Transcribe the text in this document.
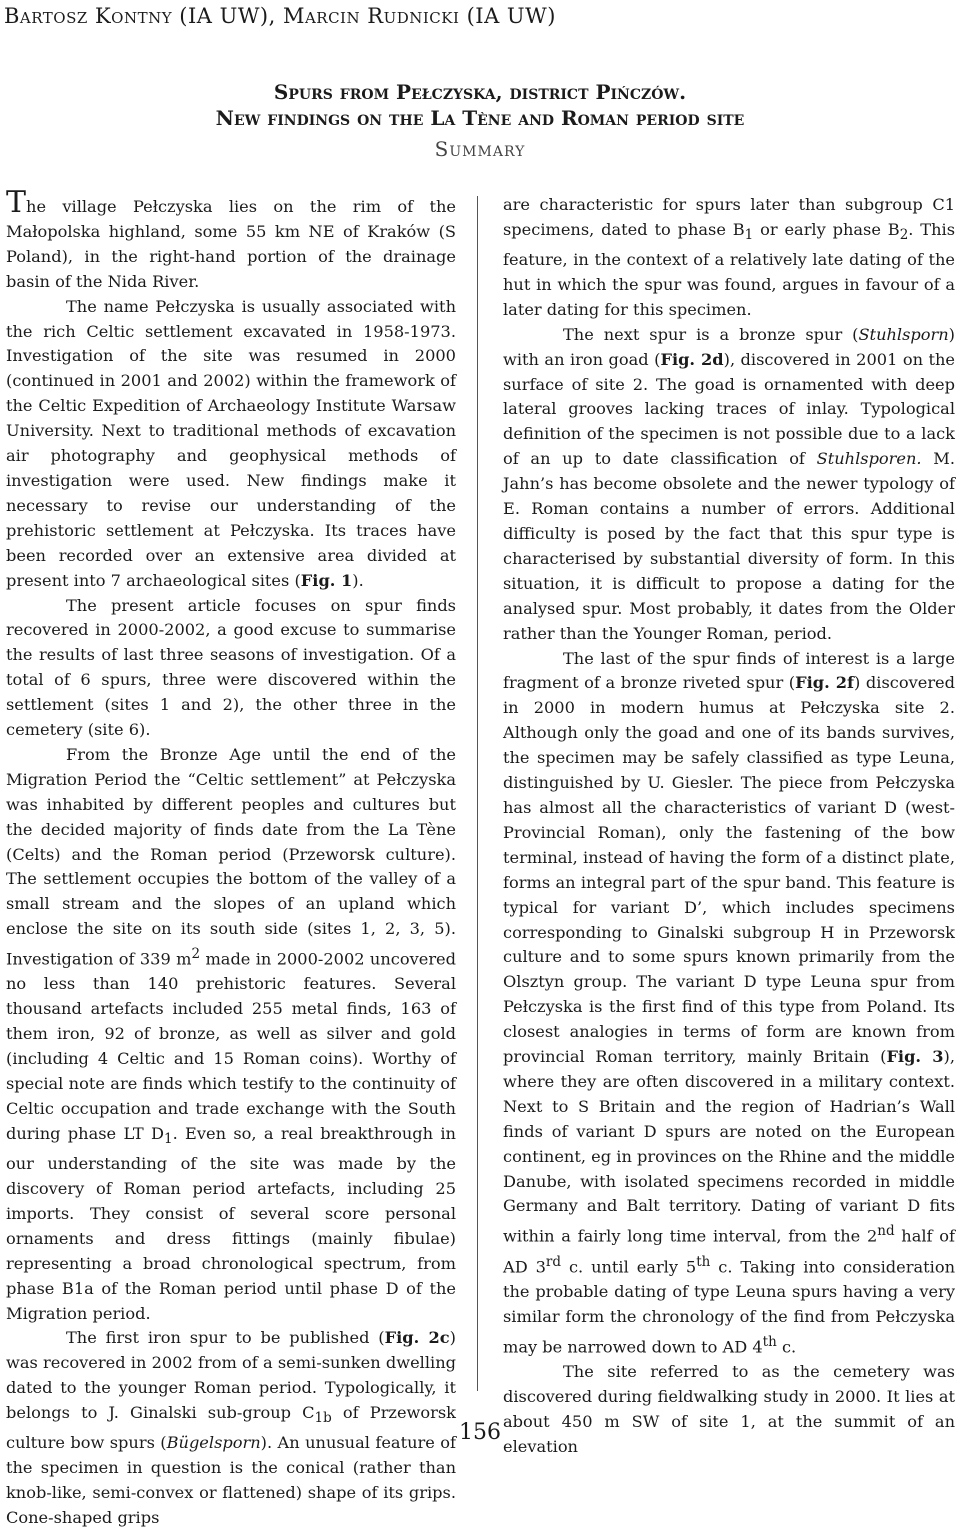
Bartosz Kontny (IA UW), Marcin Rudnicki (IA UW)
Spurs from Pełczyska, district Pińczów.
New findings on the La Tène and Roman period site
Summary

The village Pełczyska lies on the rim of the Małopolska highland, some 55 km NE of Kraków (S Poland), in the right-hand portion of the drainage basin of the Nida River.

The name Pełczyska is usually associated with the rich Celtic settlement excavated in 1958-1973. Investigation of the site was resumed in 2000 (continued in 2001 and 2002) within the framework of the Celtic Expedition of Archaeology Institute Warsaw University. Next to traditional methods of excavation air photography and geophysical methods of investigation were used. New findings make it necessary to revise our understanding of the prehistoric settlement at Pełczyska. Its traces have been recorded over an extensive area divided at present into 7 archaeological sites (Fig. 1).

The present article focuses on spur finds recovered in 2000-2002, a good excuse to summarise the results of last three seasons of investigation. Of a total of 6 spurs, three were discovered within the settlement (sites 1 and 2), the other three in the cemetery (site 6).

From the Bronze Age until the end of the Migration Period the “Celtic settlement” at Pełczyska was inhabited by different peoples and cultures but the decided majority of finds date from the La Tène (Celts) and the Roman period (Przeworsk culture). The settlement occupies the bottom of the valley of a small stream and the slopes of an upland which enclose the site on its south side (sites 1, 2, 3, 5). Investigation of 339 $m^2$ made in 2000-2002 uncovered no less than 140 prehistoric features. Several thousand artefacts included 255 metal finds, 163 of them iron, 92 of bronze, as well as silver and gold (including 4 Celtic and 15 Roman coins). Worthy of special note are finds which testify to the continuity of Celtic occupation and trade exchange with the South during phase LT $D_1$. Even so, a real breakthrough in our understanding of the site was made by the discovery of Roman period artefacts, including 25 imports. They consist of several score personal ornaments and dress fittings (mainly fibulae) representing a broad chronological spectrum, from phase B1a of the Roman period until phase D of the Migration period.

The first iron spur to be published (Fig. 2c) was recovered in 2002 from of a semi-sunken dwelling dated to the younger Roman period. Typologically, it belongs to J. Ginalski sub-group $C_{1b}$ of Przeworsk culture bow spurs (Bügelsporn). An unusual feature of the specimen in question is the conical (rather than knob-like, semi-convex or flattened) shape of its grips. Cone-shaped grips

are characteristic for spurs later than subgroup C1 specimens, dated to phase $B_1$ or early phase $B_2$. This feature, in the context of a relatively late dating of the hut in which the spur was found, argues in favour of a later dating for this specimen.

The next spur is a bronze spur (Stuhlsporn) with an iron goad (Fig. 2d), discovered in 2001 on the surface of site 2. The goad is ornamented with deep lateral grooves lacking traces of inlay. Typological definition of the specimen is not possible due to a lack of an up to date classification of Stuhlsporen. M. Jahn’s has become obsolete and the newer typology of E. Roman contains a number of errors. Additional difficulty is posed by the fact that this spur type is characterised by substantial diversity of form. In this situation, it is difficult to propose a dating for the analysed spur. Most probably, it dates from the Older rather than the Younger Roman, period.

The last of the spur finds of interest is a large fragment of a bronze riveted spur (Fig. 2f) discovered in 2000 in modern humus at Pełczyska site 2. Although only the goad and one of its bands survives, the specimen may be safely classified as type Leuna, distinguished by U. Giesler. The piece from Pełczyska has almost all the characteristics of variant D (west-Provincial Roman), only the fastening of the bow terminal, instead of having the form of a distinct plate, forms an integral part of the spur band. This feature is typical for variant D’, which includes specimens corresponding to Ginalski subgroup H in Przeworsk culture and to some spurs known primarily from the Olsztyn group. The variant D type Leuna spur from Pełczyska is the first find of this type from Poland. Its closest analogies in terms of form are known from provincial Roman territory, mainly Britain (Fig. 3), where they are often discovered in a military context. Next to S Britain and the region of Hadrian’s Wall finds of variant D spurs are noted on the European continent, eg in provinces on the Rhine and the middle Danube, with isolated specimens recorded in middle Germany and Balt territory. Dating of variant D fits within a fairly long time interval, from the 2nd half of AD 3rd c. until early 5th c. Taking into consideration the probable dating of type Leuna spurs having a very similar form the chronology of the find from Pełczyska may be narrowed down to AD 4th c.

The site referred to as the cemetery was discovered during fieldwalking study in 2000. It lies at about 450 m SW of site 1, at the summit of an elevation

156
